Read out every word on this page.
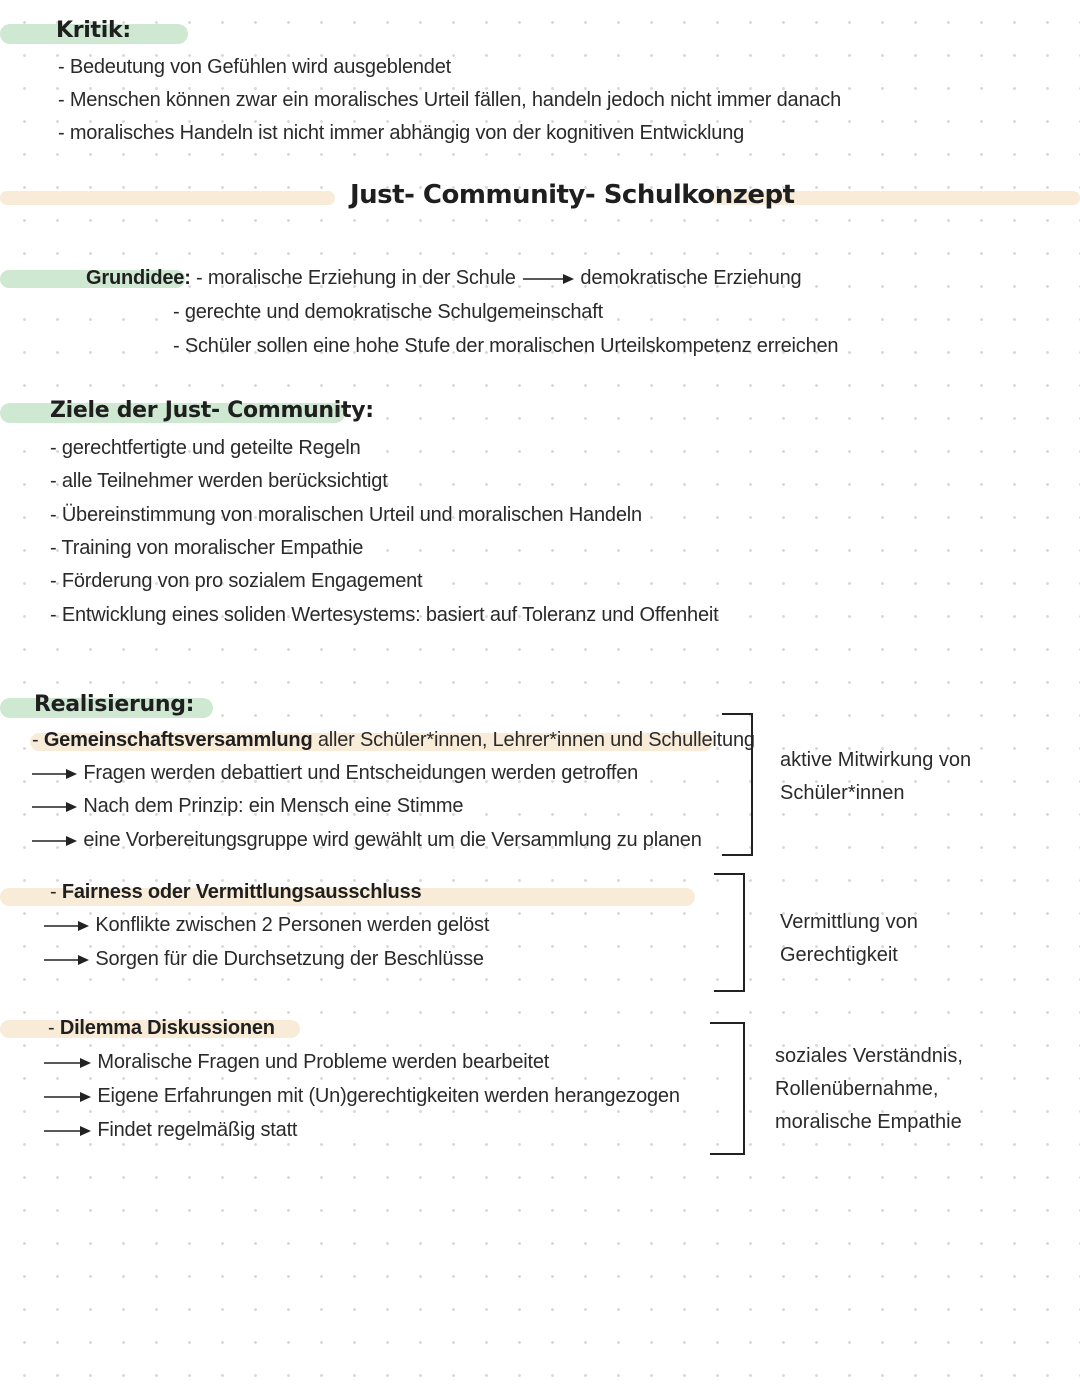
Kritik:
- Bedeutung von Gefühlen wird ausgeblendet
- Menschen können zwar ein moralisches Urteil fällen, handeln jedoch nicht immer danach
- moralisches Handeln ist nicht immer abhängig von der kognitiven Entwicklung
Just- Community- Schulkonzept
Grundidee: - moralische Erziehung in der Schule	demokratische Erziehung
- gerechte und demokratische Schulgemeinschaft
- Schüler sollen eine hohe Stufe der moralischen Urteilskompetenz erreichen
Ziele der Just- Community:
- gerechtfertigte und geteilte Regeln
- alle Teilnehmer werden berücksichtigt
- Übereinstimmung von moralischen Urteil und moralischen Handeln
- Training von moralischer Empathie
- Förderung von pro sozialem Engagement
- Entwicklung eines soliden Wertesystems: basiert auf Toleranz und Offenheit
Realisierung:
- Gemeinschaftsversammlung aller Schüler*innen, Lehrer*innen und Schulleitung
Fragen werden debattiert und Entscheidungen werden getroffen
Nach dem Prinzip: ein Mensch eine Stimme
eine Vorbereitungsgruppe wird gewählt um die Versammlung zu planen
aktive Mitwirkung von Schüler*innen
- Fairness oder Vermittlungsausschluss
Konflikte zwischen 2 Personen werden gelöst
Sorgen für die Durchsetzung der Beschlüsse
Vermittlung von Gerechtigkeit
- Dilemma Diskussionen
Moralische Fragen und Probleme werden bearbeitet
Eigene Erfahrungen mit (Un)gerechtigkeiten werden herangezogen
Findet regelmäßig statt
soziales Verständnis, Rollenübernahme, moralische Empathie
